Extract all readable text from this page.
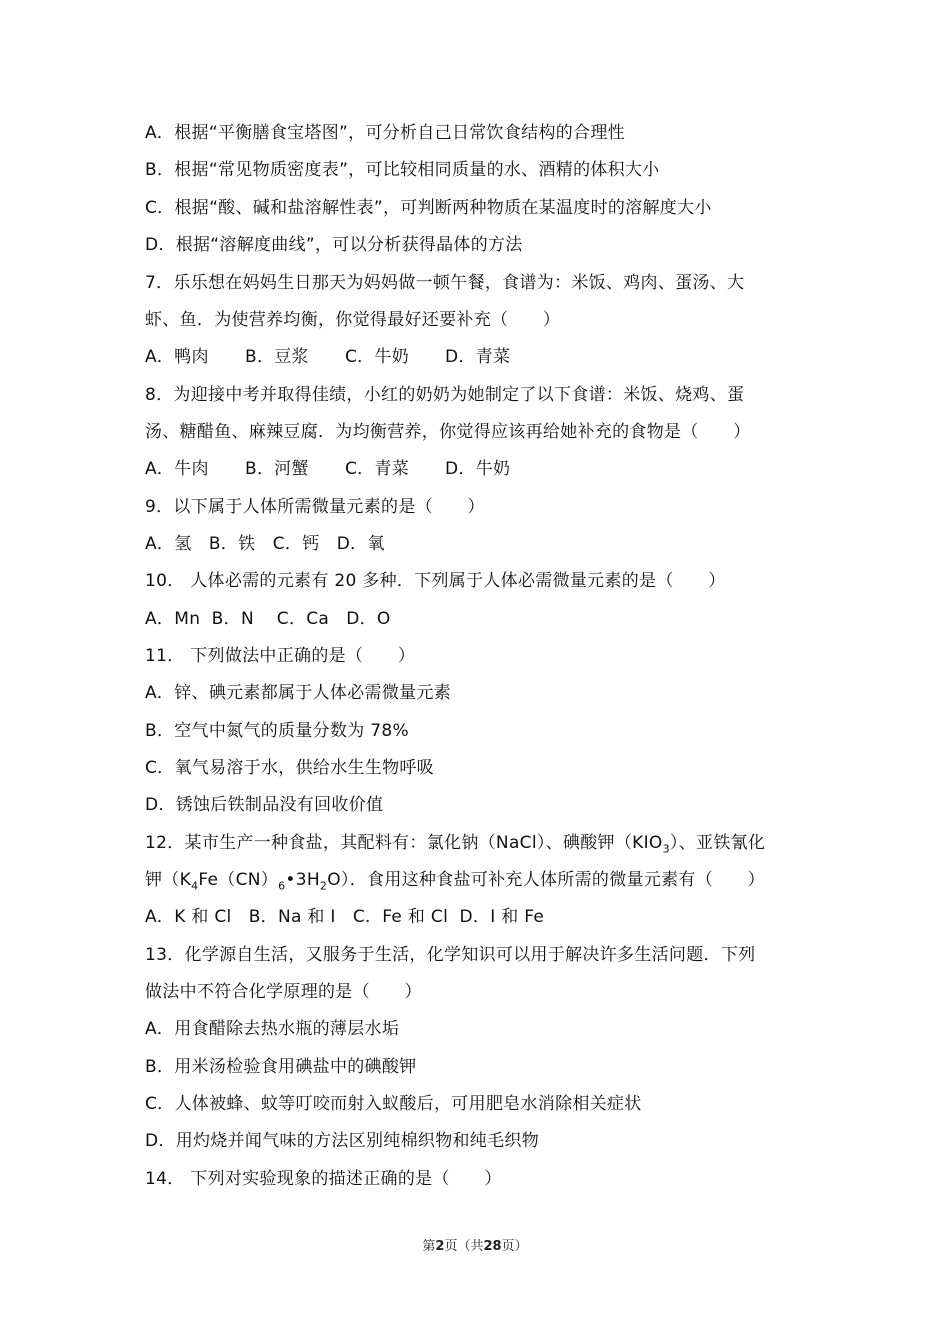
A．根据“平衡膳食宝塔图”，可分析自己日常饮食结构的合理性
B．根据“常见物质密度表”，可比较相同质量的水、酒精的体积大小
C．根据“酸、碱和盐溶解性表”，可判断两种物质在某温度时的溶解度大小
D．根据“溶解度曲线”，可以分析获得晶体的方法
7．乐乐想在妈妈生日那天为妈妈做一顿午餐，食谱为：米饭、鸡肉、蛋汤、大
虾、鱼．为使营养均衡，你觉得最好还要补充（　　）
A．鸭肉 B．豆浆 C．牛奶 D．青菜
8．为迎接中考并取得佳绩，小红的奶奶为她制定了以下食谱：米饭、烧鸡、蛋
汤、糖醋鱼、麻辣豆腐．为均衡营养，你觉得应该再给她补充的食物是（　　）
A．牛肉 B．河蟹 C．青菜 D．牛奶
9．以下属于人体所需微量元素的是（　　）
A．氢　B．铁　C．钙　D．氧
10． 人体必需的元素有 20 多种．下列属于人体必需微量元素的是（　　）
A．Mn  B．N    C．Ca   D．O
11． 下列做法中正确的是（　　）
A．锌、碘元素都属于人体必需微量元素
B．空气中氮气的质量分数为 78%
C．氧气易溶于水，供给水生生物呼吸
D．锈蚀后铁制品没有回收价值
12．某市生产一种食盐，其配料有：氯化钠（NaCl）、碘酸钾$(KIO_3)$、亚铁氰化
钾$(K_4Fe(CN)_6•3H_2O)$．食用这种食盐可补充人体所需的微量元素有（　　）
A．K 和 Cl   B．Na 和 I   C．Fe 和 Cl  D．I 和 Fe
13．化学源自生活，又服务于生活，化学知识可以用于解决许多生活问题．下列
做法中不符合化学原理的是（　　）
A．用食醋除去热水瓶的薄层水垢
B．用米汤检验食用碘盐中的碘酸钾
C．人体被蜂、蚊等叮咬而射入蚁酸后，可用肥皂水消除相关症状
D．用灼烧并闻气味的方法区别纯棉织物和纯毛织物
14． 下列对实验现象的描述正确的是（　　）
第2页（共28页）
